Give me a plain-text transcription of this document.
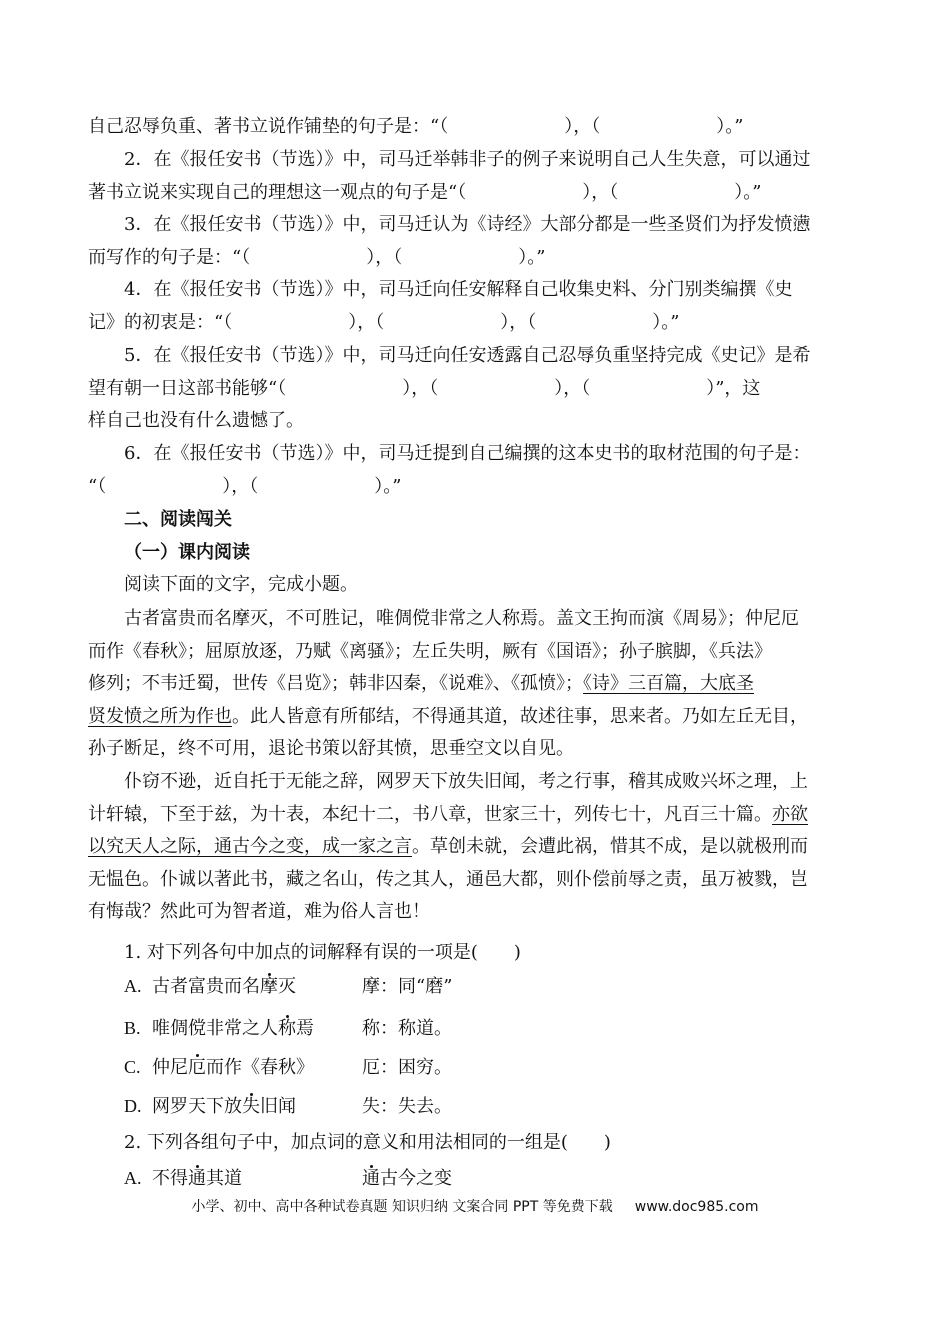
自己忍辱负重、著书立说作铺垫的句子是：“（	），（	）。”

2．在《报任安书（节选）》中，司马迁举韩非子的例子来说明自己人生失意，可以通过
著书立说来实现自己的理想这一观点的句子是“（	），（	）。”

3．在《报任安书（节选）》中，司马迁认为《诗经》大部分都是一些圣贤们为抒发愤懑
而写作的句子是：“（	），（	）。”

4．在《报任安书（节选）》中，司马迁向任安解释自己收集史料、分门别类编撰《史
记》的初衷是：“（	），（	），（	）。”

5．在《报任安书（节选）》中，司马迁向任安透露自己忍辱负重坚持完成《史记》是希
望有朝一日这部书能够“（	），（	），（	）”，这
样自己也没有什么遗憾了。

6．在《报任安书（节选）》中，司马迁提到自己编撰的这本史书的取材范围的句子是：
“（	），（	）。”

二、阅读闯关
（一）课内阅读
阅读下面的文字，完成小题。

古者富贵而名摩灭，不可胜记，唯倜傥非常之人称焉。盖文王拘而演《周易》；仲尼厄
而作《春秋》；屈原放逐，乃赋《离骚》；左丘失明，厥有《国语》；孙子膑脚，《兵法》
修列；不韦迁蜀，世传《吕览》；韩非囚秦，《说难》、《孤愤》；《诗》三百篇，大底圣
贤发愤之所为作也。此人皆意有所郁结，不得通其道，故述往事，思来者。乃如左丘无目，
孙子断足，终不可用，退论书策以舒其愤，思垂空文以自见。

仆窃不逊，近自托于无能之辞，网罗天下放失旧闻，考之行事，稽其成败兴坏之理，上
计轩辕，下至于兹，为十表，本纪十二，书八章，世家三十，列传七十，凡百三十篇。亦欲
以究天人之际，通古今之变，成一家之言。草创未就，会遭此祸，惜其不成，是以就极刑而
无愠色。仆诚以著此书，藏之名山，传之其人，通邑大都，则仆偿前辱之责，虽万被戮，岂
有悔哉？然此可为智者道，难为俗人言也！

1. 对下列各句中加点的词解释有误的一项是(　　)
A. 古者富贵而名摩灭	摩：同“磨”
B. 唯倜傥非常之人称焉	称：称道。
C. 仲尼厄而作《春秋》	厄：困穷。
D. 网罗天下放失旧闻	失：失去。
2. 下列各组句子中，加点词的意义和用法相同的一组是(　　)
A. 不得通其道	通古今之变
小学、初中、高中各种试卷真题 知识归纳 文案合同 PPT 等免费下载 www.doc985.com
